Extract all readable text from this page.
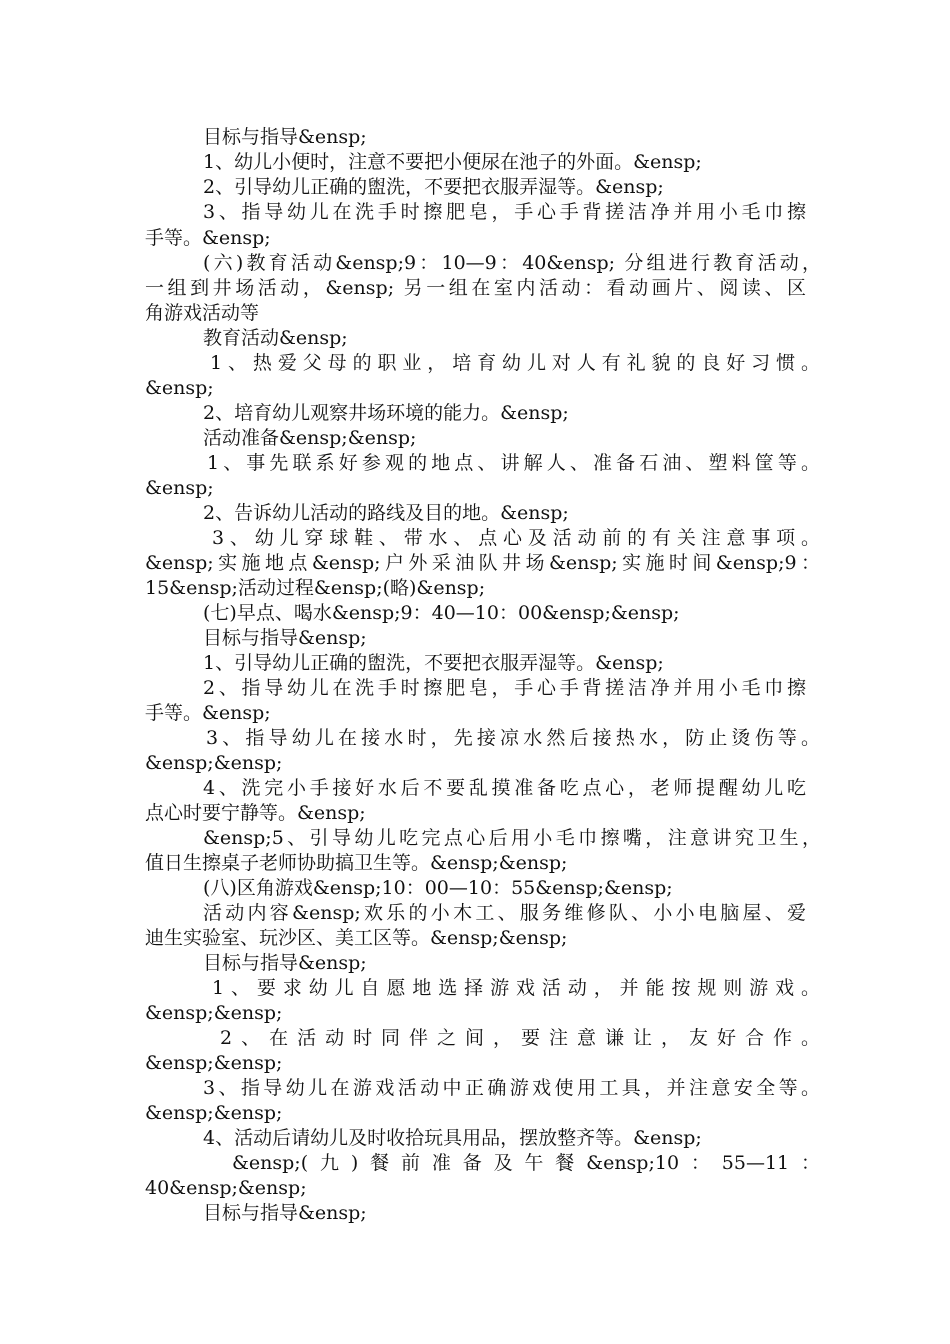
目标与指导&ensp;
1、幼儿小便时，注意不要把小便尿在池子的外面。&ensp;
2、引导幼儿正确的盥洗，不要把衣服弄湿等。&ensp;
3、指导幼儿在洗手时擦肥皂，手心手背搓洁净并用小毛巾擦
手等。&ensp;
(六)教育活动&ensp;9：10—9：40&ensp; 分组进行教育活动，
一组到井场活动，&ensp; 另一组在室内活动：看动画片、阅读、区
角游戏活动等
教育活动&ensp;
1、热爱父母的职业，培育幼儿对人有礼貌的良好习惯。
&ensp;
2、培育幼儿观察井场环境的能力。&ensp;
活动准备&ensp;&ensp;
1、事先联系好参观的地点、讲解人、准备石油、塑料筐等。
&ensp;
2、告诉幼儿活动的路线及目的地。&ensp;
3、幼儿穿球鞋、带水、点心及活动前的有关注意事项。
&ensp;实施地点&ensp;户外采油队井场&ensp;实施时间&ensp;9：
15&ensp;活动过程&ensp;(略)&ensp;
(七)早点、喝水&ensp;9：40—10：00&ensp;&ensp;
目标与指导&ensp;
1、引导幼儿正确的盥洗，不要把衣服弄湿等。&ensp;
2、指导幼儿在洗手时擦肥皂，手心手背搓洁净并用小毛巾擦
手等。&ensp;
3、指导幼儿在接水时，先接凉水然后接热水，防止烫伤等。
&ensp;&ensp;
4、洗完小手接好水后不要乱摸准备吃点心，老师提醒幼儿吃
点心时要宁静等。&ensp;
&ensp;5、引导幼儿吃完点心后用小毛巾擦嘴，注意讲究卫生，
值日生擦桌子老师协助搞卫生等。&ensp;&ensp;
(八)区角游戏&ensp;10：00—10：55&ensp;&ensp;
活动内容&ensp;欢乐的小木工、服务维修队、小小电脑屋、爱
迪生实验室、玩沙区、美工区等。&ensp;&ensp;
目标与指导&ensp;
1、要求幼儿自愿地选择游戏活动，并能按规则游戏。
&ensp;&ensp;
2、在活动时同伴之间，要注意谦让，友好合作。
&ensp;&ensp;
3、指导幼儿在游戏活动中正确游戏使用工具，并注意安全等。
&ensp;&ensp;
4、活动后请幼儿及时收拾玩具用品，摆放整齐等。&ensp;
&ensp;(九)餐前准备及午餐&ensp;10：55—11：
40&ensp;&ensp;
目标与指导&ensp;
